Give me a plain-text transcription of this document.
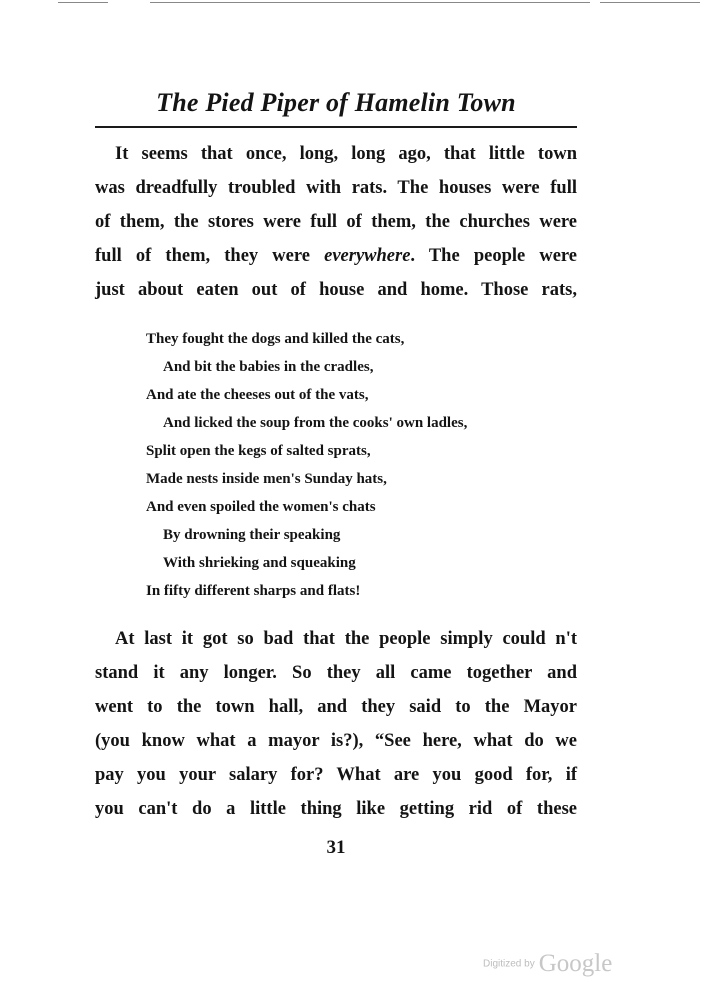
The Pied Piper of Hamelin Town
It seems that once, long, long ago, that little town
was dreadfully troubled with rats. The houses were full
of them, the stores were full of them, the churches were
full of them, they were everywhere. The people were
just about eaten out of house and home. Those rats,
They fought the dogs and killed the cats,
And bit the babies in the cradles,
And ate the cheeses out of the vats,
And licked the soup from the cooks' own ladles,
Split open the kegs of salted sprats,
Made nests inside men's Sunday hats,
And even spoiled the women's chats
By drowning their speaking
With shrieking and squeaking
In fifty different sharps and flats!
At last it got so bad that the people simply could n't
stand it any longer. So they all came together and
went to the town hall, and they said to the Mayor
(you know what a mayor is?), “See here, what do we
pay you your salary for? What are you good for, if
you can't do a little thing like getting rid of these
31
Digitized by Google
